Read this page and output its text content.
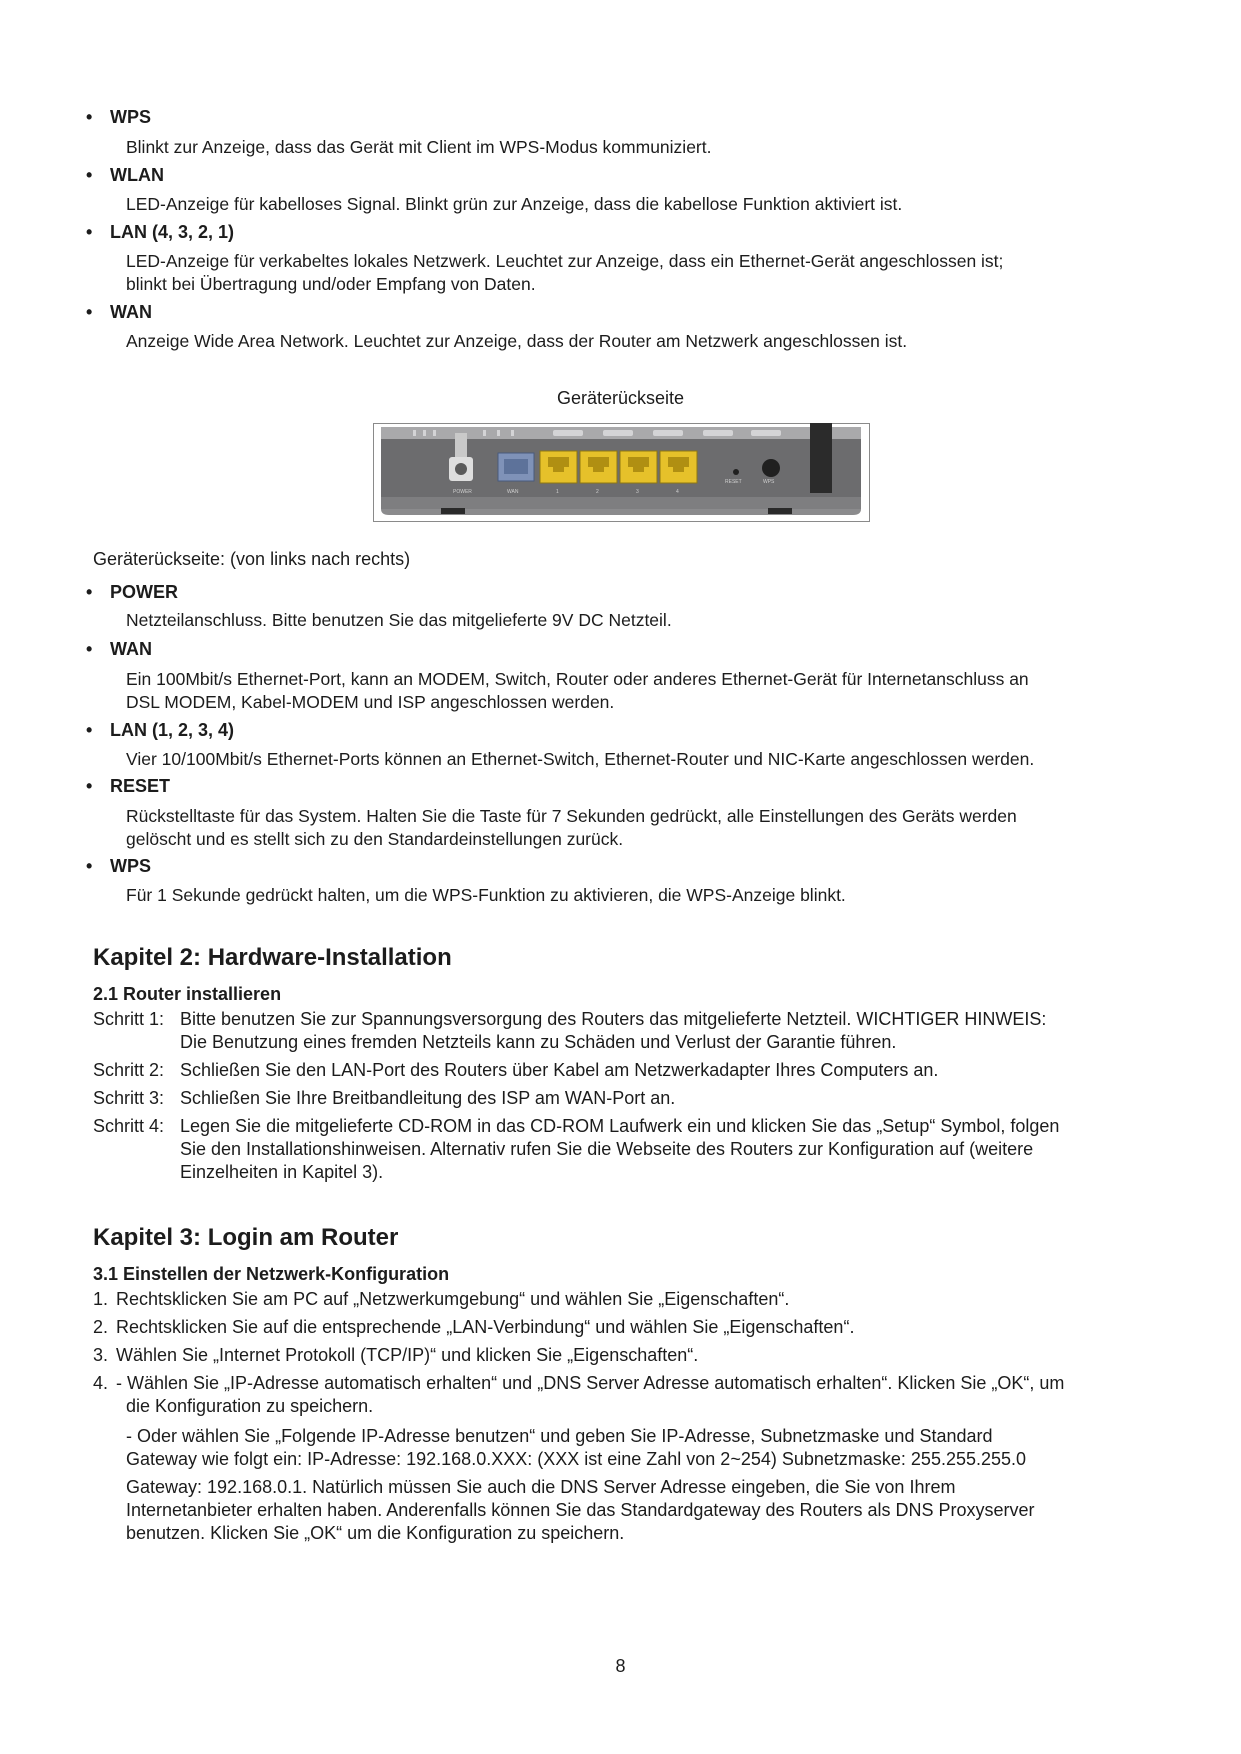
• WPS
Blinkt zur Anzeige, dass das Gerät mit Client im WPS-Modus kommuniziert.
• WLAN
LED-Anzeige für kabelloses Signal. Blinkt grün zur Anzeige, dass die kabellose Funktion aktiviert ist.
• LAN (4, 3, 2, 1)
LED-Anzeige für verkabeltes lokales Netzwerk. Leuchtet zur Anzeige, dass ein Ethernet-Gerät angeschlossen ist;
blinkt bei Übertragung und/oder Empfang von Daten.
• WAN
Anzeige Wide Area Network. Leuchtet zur Anzeige, dass der Router am Netzwerk angeschlossen ist.
Geräterückseite
POWER	WAN	1	2	3	4
RESET	WPS
Geräterückseite: (von links nach rechts)
• POWER
Netzteilanschluss. Bitte benutzen Sie das mitgelieferte 9V DC Netzteil.
• WAN
Ein 100Mbit/s Ethernet-Port, kann an MODEM, Switch, Router oder anderes Ethernet-Gerät für Internetanschluss an
DSL MODEM, Kabel-MODEM und ISP angeschlossen werden.
• LAN (1, 2, 3, 4)
Vier 10/100Mbit/s Ethernet-Ports können an Ethernet-Switch, Ethernet-Router und NIC-Karte angeschlossen werden.
• RESET
Rückstelltaste für das System. Halten Sie die Taste für 7 Sekunden gedrückt, alle Einstellungen des Geräts werden
gelöscht und es stellt sich zu den Standardeinstellungen zurück.
• WPS
Für 1 Sekunde gedrückt halten, um die WPS-Funktion zu aktivieren, die WPS-Anzeige blinkt.
Kapitel 2: Hardware-Installation
2.1 Router installieren
Schritt 1: Bitte benutzen Sie zur Spannungsversorgung des Routers das mitgelieferte Netzteil. WICHTIGER HINWEIS:
Die Benutzung eines fremden Netzteils kann zu Schäden und Verlust der Garantie führen.
Schritt 2: Schließen Sie den LAN-Port des Routers über Kabel am Netzwerkadapter Ihres Computers an.
Schritt 3: Schließen Sie Ihre Breitbandleitung des ISP am WAN-Port an.
Schritt 4: Legen Sie die mitgelieferte CD-ROM in das CD-ROM Laufwerk ein und klicken Sie das „Setup“ Symbol, folgen
Sie den Installationshinweisen. Alternativ rufen Sie die Webseite des Routers zur Konfiguration auf (weitere
Einzelheiten in Kapitel 3).
Kapitel 3: Login am Router
3.1 Einstellen der Netzwerk-Konfiguration
1. Rechtsklicken Sie am PC auf „Netzwerkumgebung“ und wählen Sie „Eigenschaften“.
2. Rechtsklicken Sie auf die entsprechende „LAN-Verbindung“ und wählen Sie „Eigenschaften“.
3. Wählen Sie „Internet Protokoll (TCP/IP)“ und klicken Sie „Eigenschaften“.
4. - Wählen Sie „IP-Adresse automatisch erhalten“ und „DNS Server Adresse automatisch erhalten“. Klicken Sie „OK“, um
die Konfiguration zu speichern.
- Oder wählen Sie „Folgende IP-Adresse benutzen“ und geben Sie IP-Adresse, Subnetzmaske und Standard
Gateway wie folgt ein: IP-Adresse: 192.168.0.XXX: (XXX ist eine Zahl von 2~254) Subnetzmaske: 255.255.255.0
Gateway: 192.168.0.1. Natürlich müssen Sie auch die DNS Server Adresse eingeben, die Sie von Ihrem
Internetanbieter erhalten haben. Anderenfalls können Sie das Standardgateway des Routers als DNS Proxyserver
benutzen. Klicken Sie „OK“ um die Konfiguration zu speichern.
8
